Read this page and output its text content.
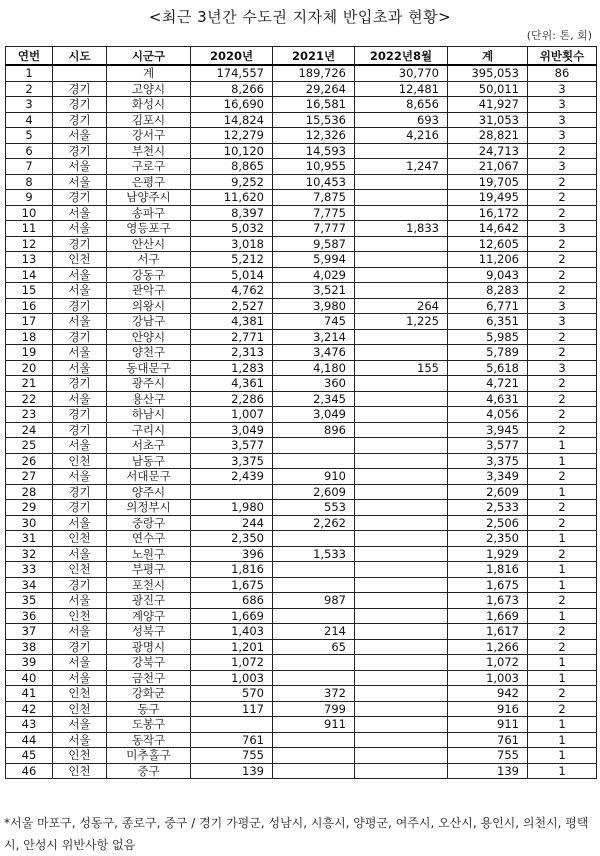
<최근 3년간 수도권 지자체 반입초과 현황>
(단위: 톤, 회)
연번	시도	시군구	2020년	2021년	2022년8월	계	위반횟수
1		계	174,557	189,726	30,770	395,053	86
2	경기	고양시	8,266	29,264	12,481	50,011	3
3	경기	화성시	16,690	16,581	8,656	41,927	3
4	경기	김포시	14,824	15,536	693	31,053	3
5	서울	강서구	12,279	12,326	4,216	28,821	3
6	경기	부천시	10,120	14,593		24,713	2
7	서울	구로구	8,865	10,955	1,247	21,067	3
8	서울	은평구	9,252	10,453		19,705	2
9	경기	남양주시	11,620	7,875		19,495	2
10	서울	송파구	8,397	7,775		16,172	2
11	서울	영등포구	5,032	7,777	1,833	14,642	3
12	경기	안산시	3,018	9,587		12,605	2
13	인천	서구	5,212	5,994		11,206	2
14	서울	강동구	5,014	4,029		9,043	2
15	서울	관악구	4,762	3,521		8,283	2
16	경기	의왕시	2,527	3,980	264	6,771	3
17	서울	강남구	4,381	745	1,225	6,351	3
18	경기	안양시	2,771	3,214		5,985	2
19	서울	양천구	2,313	3,476		5,789	2
20	서울	동대문구	1,283	4,180	155	5,618	3
21	경기	광주시	4,361	360		4,721	2
22	서울	용산구	2,286	2,345		4,631	2
23	경기	하남시	1,007	3,049		4,056	2
24	경기	구리시	3,049	896		3,945	2
25	서울	서초구	3,577			3,577	1
26	인천	남동구	3,375			3,375	1
27	서울	서대문구	2,439	910		3,349	2
28	경기	양주시		2,609		2,609	1
29	경기	의정부시	1,980	553		2,533	2
30	서울	중랑구	244	2,262		2,506	2
31	인천	연수구	2,350			2,350	1
32	서울	노원구	396	1,533		1,929	2
33	인천	부평구	1,816			1,816	1
34	경기	포천시	1,675			1,675	1
35	서울	광진구	686	987		1,673	2
36	인천	계양구	1,669			1,669	1
37	서울	성북구	1,403	214		1,617	2
38	경기	광명시	1,201	65		1,266	2
39	서울	강북구	1,072			1,072	1
40	서울	금천구	1,003			1,003	1
41	인천	강화군	570	372		942	2
42	인천	동구	117	799		916	2
43	서울	도봉구		911		911	1
44	서울	동작구	761			761	1
45	인천	미추홀구	755			755	1
46	인천	중구	139			139	1
*서울 마포구, 성동구, 종로구, 중구 / 경기 가평군, 성남시, 시흥시, 양평군, 여주시, 오산시, 용인시, 의천시, 평택시, 안성시 위반사항 없음
